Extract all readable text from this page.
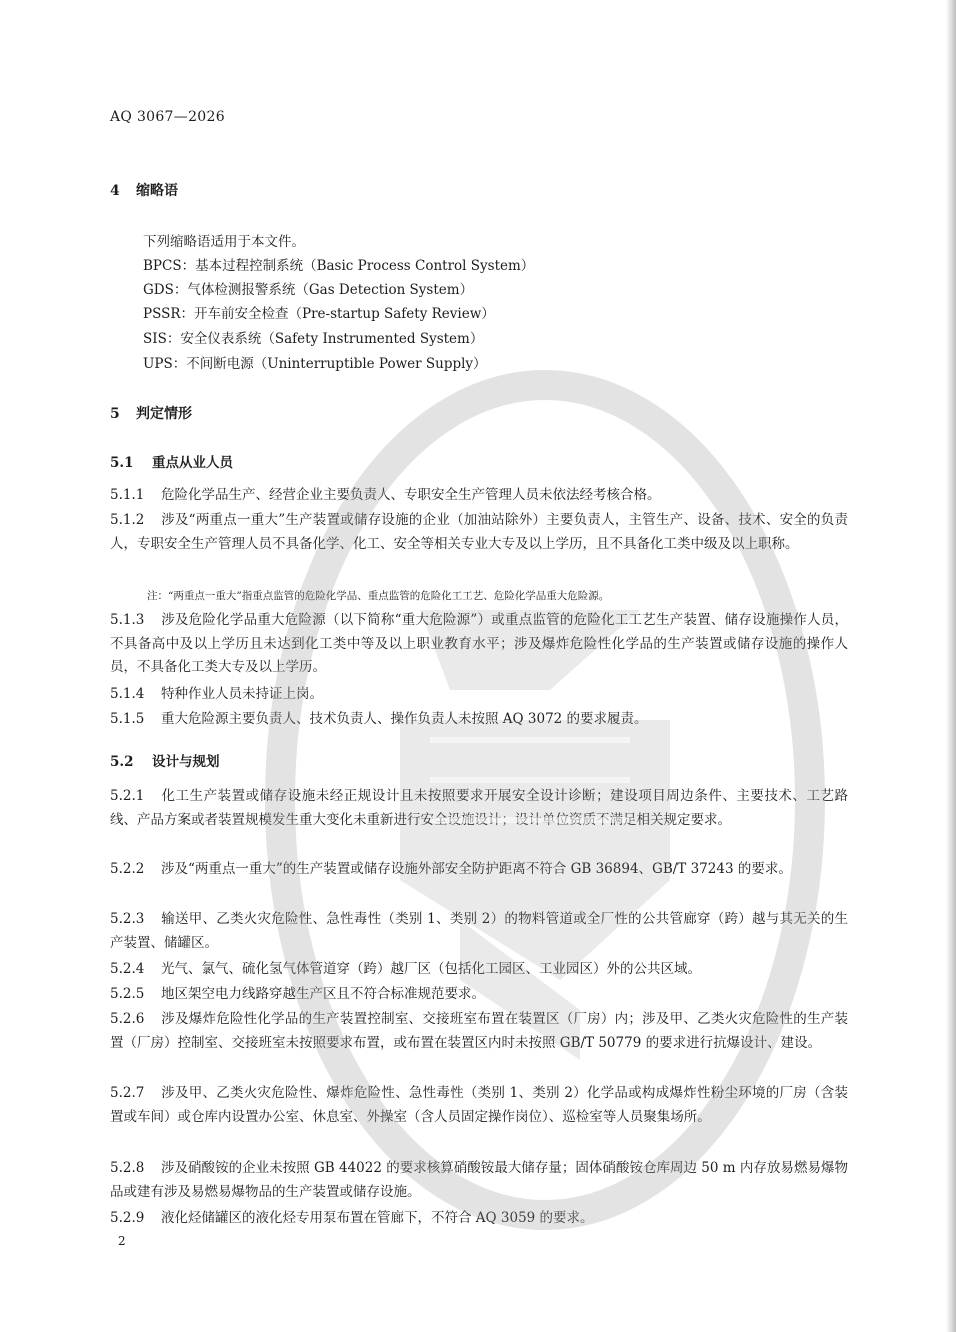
AQ 3067—2026
4 缩略语
下列缩略语适用于本文件。
BPCS：基本过程控制系统（Basic Process Control System）
GDS：气体检测报警系统（Gas Detection System）
PSSR：开车前安全检查（Pre-startup Safety Review）
SIS：安全仪表系统（Safety Instrumented System）
UPS：不间断电源（Uninterruptible Power Supply）
5 判定情形
5.1 重点从业人员
5.1.1 危险化学品生产、经营企业主要负责人、专职安全生产管理人员未依法经考核合格。
5.1.2 涉及“两重点一重大”生产装置或储存设施的企业（加油站除外）主要负责人，主管生产、设备、技术、安全的负责人，专职安全生产管理人员不具备化学、化工、安全等相关专业大专及以上学历，且不具备化工类中级及以上职称。
注：“两重点一重大”指重点监管的危险化学品、重点监管的危险化工工艺、危险化学品重大危险源。
5.1.3 涉及危险化学品重大危险源（以下简称“重大危险源”）或重点监管的危险化工工艺生产装置、储存设施操作人员，不具备高中及以上学历且未达到化工类中等及以上职业教育水平；涉及爆炸危险性化学品的生产装置或储存设施的操作人员，不具备化工类大专及以上学历。
5.1.4 特种作业人员未持证上岗。
5.1.5 重大危险源主要负责人、技术负责人、操作负责人未按照 AQ 3072 的要求履责。
5.2 设计与规划
5.2.1 化工生产装置或储存设施未经正规设计且未按照要求开展安全设计诊断；建设项目周边条件、主要技术、工艺路线、产品方案或者装置规模发生重大变化未重新进行安全设施设计；设计单位资质不满足相关规定要求。
5.2.2 涉及“两重点一重大”的生产装置或储存设施外部安全防护距离不符合 GB 36894、GB/T 37243 的要求。
5.2.3 输送甲、乙类火灾危险性、急性毒性（类别 1、类别 2）的物料管道或全厂性的公共管廊穿（跨）越与其无关的生产装置、储罐区。
5.2.4 光气、氯气、硫化氢气体管道穿（跨）越厂区（包括化工园区、工业园区）外的公共区域。
5.2.5 地区架空电力线路穿越生产区且不符合标准规范要求。
5.2.6 涉及爆炸危险性化学品的生产装置控制室、交接班室布置在装置区（厂房）内；涉及甲、乙类火灾危险性的生产装置（厂房）控制室、交接班室未按照要求布置，或布置在装置区内时未按照 GB/T 50779 的要求进行抗爆设计、建设。
5.2.7 涉及甲、乙类火灾危险性、爆炸危险性、急性毒性（类别 1、类别 2）化学品或构成爆炸性粉尘环境的厂房（含装置或车间）或仓库内设置办公室、休息室、外操室（含人员固定操作岗位）、巡检室等人员聚集场所。
5.2.8 涉及硝酸铵的企业未按照 GB 44022 的要求核算硝酸铵最大储存量；固体硝酸铵仓库周边 50 m 内存放易燃易爆物品或建有涉及易燃易爆物品的生产装置或储存设施。
5.2.9 液化烃储罐区的液化烃专用泵布置在管廊下，不符合 AQ 3059 的要求。
2
